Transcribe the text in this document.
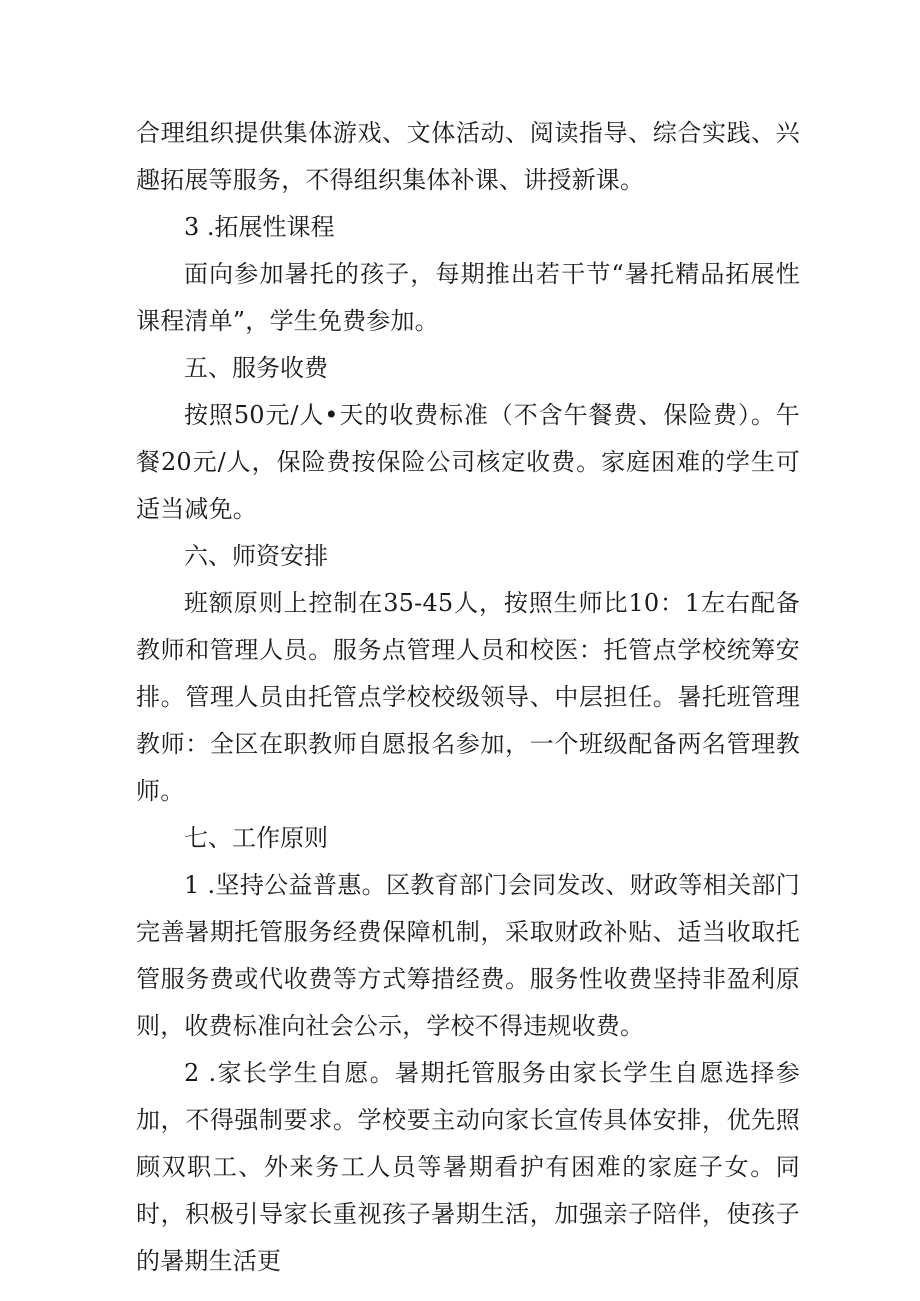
合理组织提供集体游戏、文体活动、阅读指导、综合实践、兴趣拓展等服务，不得组织集体补课、讲授新课。

3 .拓展性课程

面向参加暑托的孩子，每期推出若干节“暑托精品拓展性课程清单”，学生免费参加。

五、服务收费

按照50元/人•天的收费标准（不含午餐费、保险费）。午餐20元/人，保险费按保险公司核定收费。家庭困难的学生可适当减免。

六、师资安排

班额原则上控制在35-45人，按照生师比10：1左右配备教师和管理人员。服务点管理人员和校医：托管点学校统筹安排。管理人员由托管点学校校级领导、中层担任。暑托班管理教师：全区在职教师自愿报名参加，一个班级配备两名管理教师。

七、工作原则

1 .坚持公益普惠。区教育部门会同发改、财政等相关部门完善暑期托管服务经费保障机制，采取财政补贴、适当收取托管服务费或代收费等方式筹措经费。服务性收费坚持非盈利原则，收费标准向社会公示，学校不得违规收费。

2 .家长学生自愿。暑期托管服务由家长学生自愿选择参加，不得强制要求。学校要主动向家长宣传具体安排，优先照顾双职工、外来务工人员等暑期看护有困难的家庭子女。同时，积极引导家长重视孩子暑期生活，加强亲子陪伴，使孩子的暑期生活更
